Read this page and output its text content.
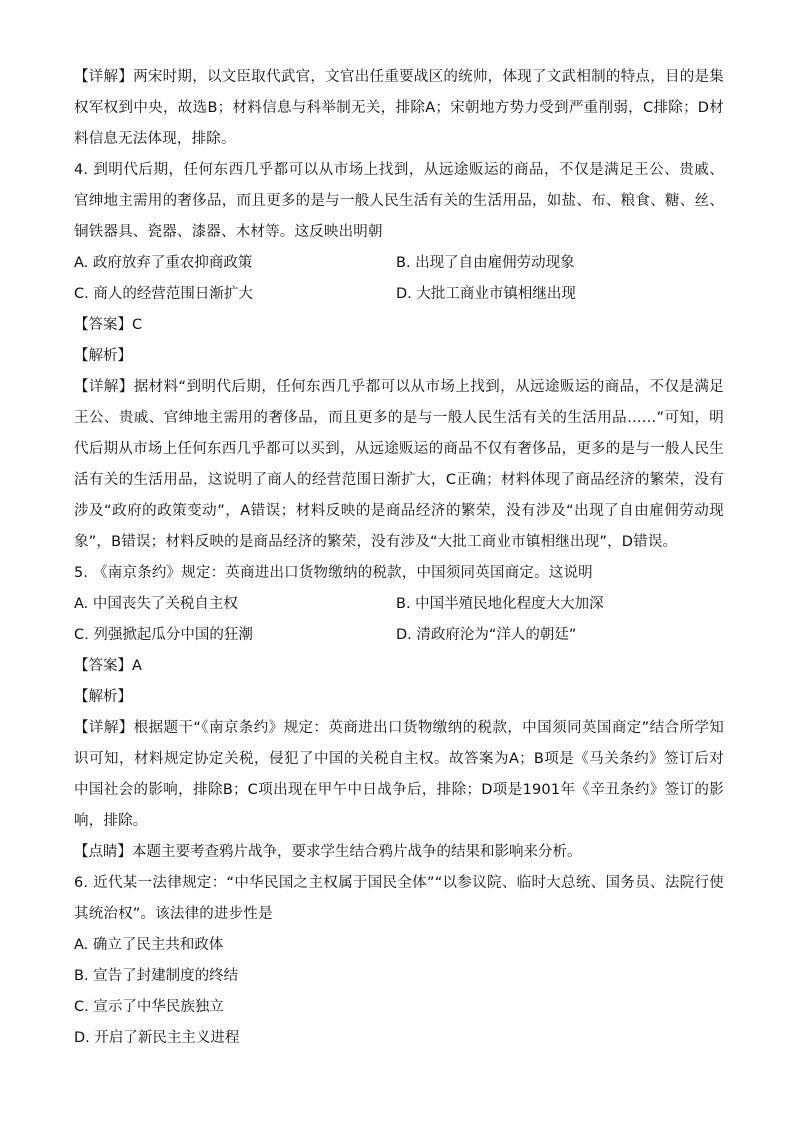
【详解】两宋时期，以文臣取代武官，文官出任重要战区的统帅，体现了文武相制的特点，目的是集权军权到中央，故选B；材料信息与科举制无关，排除A；宋朝地方势力受到严重削弱，C排除；D材料信息无法体现，排除。

4. 到明代后期，任何东西几乎都可以从市场上找到，从远途贩运的商品，不仅是满足王公、贵戚、官绅地主需用的奢侈品，而且更多的是与一般人民生活有关的生活用品，如盐、布、粮食、糖、丝、铜铁器具、瓷器、漆器、木材等。这反映出明朝

A. 政府放弃了重农抑商政策	B. 出现了自由雇佣劳动现象
C. 商人的经营范围日渐扩大	D. 大批工商业市镇相继出现
【答案】C
【解析】

【详解】据材料“到明代后期，任何东西几乎都可以从市场上找到，从远途贩运的商品，不仅是满足王公、贵戚、官绅地主需用的奢侈品，而且更多的是与一般人民生活有关的生活用品……”可知，明代后期从市场上任何东西几乎都可以买到，从远途贩运的商品不仅有奢侈品，更多的是与一般人民生活有关的生活用品，这说明了商人的经营范围日渐扩大，C正确；材料体现了商品经济的繁荣，没有涉及“政府的政策变动”，A错误；材料反映的是商品经济的繁荣，没有涉及“出现了自由雇佣劳动现象”，B错误；材料反映的是商品经济的繁荣，没有涉及“大批工商业市镇相继出现”，D错误。

5. 《南京条约》规定：英商进出口货物缴纳的税款，中国须同英国商定。这说明

A. 中国丧失了关税自主权	B. 中国半殖民地化程度大大加深
C. 列强掀起瓜分中国的狂潮	D. 清政府沦为“洋人的朝廷”
【答案】A
【解析】

【详解】根据题干“《南京条约》规定：英商进出口货物缴纳的税款，中国须同英国商定”结合所学知识可知，材料规定协定关税，侵犯了中国的关税自主权。故答案为A；B项是《马关条约》签订后对中国社会的影响，排除B；C项出现在甲午中日战争后，排除；D项是1901年《辛丑条约》签订的影响，排除。

【点睛】本题主要考查鸦片战争，要求学生结合鸦片战争的结果和影响来分析。

6. 近代某一法律规定：“中华民国之主权属于国民全体”“以参议院、临时大总统、国务员、法院行使其统治权”。该法律的进步性是

A. 确立了民主共和政体
B. 宣告了封建制度的终结
C. 宣示了中华民族独立
D. 开启了新民主主义进程
